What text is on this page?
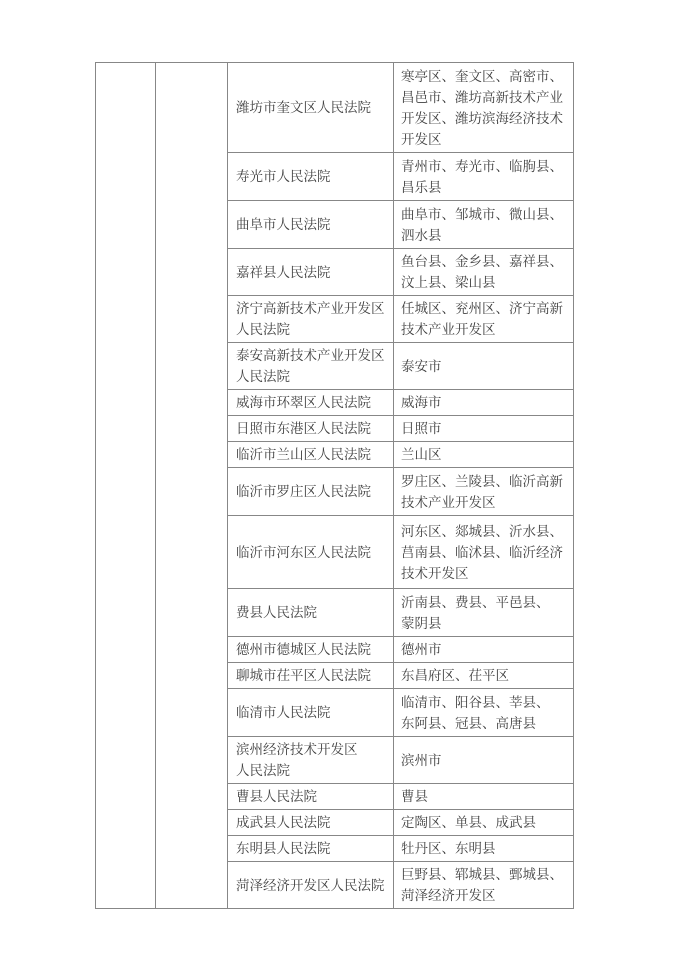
		潍坊市奎文区人民法院	寒亭区、奎文区、高密市、
昌邑市、潍坊高新技术产业
开发区、潍坊滨海经济技术
开发区
		寿光市人民法院	青州市、寿光市、临朐县、
昌乐县
		曲阜市人民法院	曲阜市、邹城市、微山县、
泗水县
		嘉祥县人民法院	鱼台县、金乡县、嘉祥县、
汶上县、梁山县
		济宁高新技术产业开发区
人民法院	任城区、兖州区、济宁高新
技术产业开发区
		泰安高新技术产业开发区
人民法院	泰安市
		威海市环翠区人民法院	威海市
		日照市东港区人民法院	日照市
		临沂市兰山区人民法院	兰山区
		临沂市罗庄区人民法院	罗庄区、兰陵县、临沂高新
技术产业开发区
		临沂市河东区人民法院	河东区、郯城县、沂水县、
莒南县、临沭县、临沂经济
技术开发区
		费县人民法院	沂南县、费县、平邑县、
蒙阴县
		德州市德城区人民法院	德州市
		聊城市茌平区人民法院	东昌府区、茌平区
		临清市人民法院	临清市、阳谷县、莘县、
东阿县、冠县、高唐县
		滨州经济技术开发区
人民法院	滨州市
		曹县人民法院	曹县
		成武县人民法院	定陶区、单县、成武县
		东明县人民法院	牡丹区、东明县
		菏泽经济开发区人民法院	巨野县、郓城县、鄄城县、
菏泽经济开发区
